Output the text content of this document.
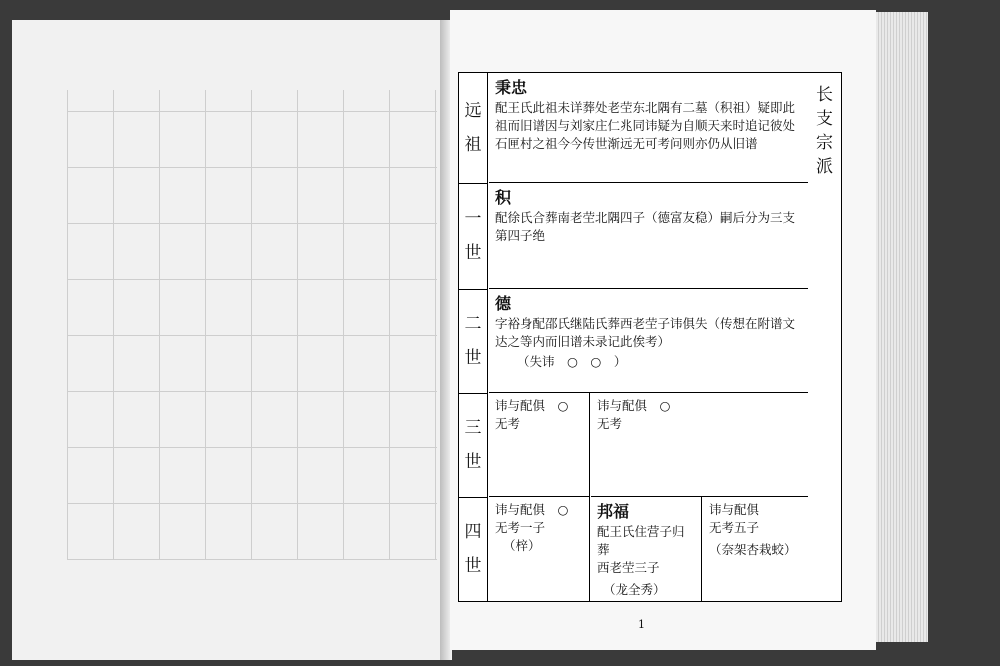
远
祖
秉忠
配王氏此祖未详葬处老茔东北隅有二墓（积祖）疑即此祖而旧谱因与刘家庄仁兆同讳疑为自顺天来时追记彼处石匣村之祖今今传世渐远无可考问则亦仍从旧谱
一
世
积
配徐氏合葬南老茔北隅四子（德富友稳）嗣后分为三支第四子绝
二
世
德
字裕身配邵氏继陆氏葬西老茔子讳俱失（传想在附谱文达之等内而旧谱未录记此俟考）
（失讳　○　○　）
三
世
讳与配俱　○
无考
讳与配俱　○
无考
四
世
讳与配俱　○
无考一子
（梓）
邦福
配王氏住营子归葬
西老茔三子
（龙全秀）
讳与配俱
无考五子
（奈架杏栽蛟）
长
支
宗
派
1
